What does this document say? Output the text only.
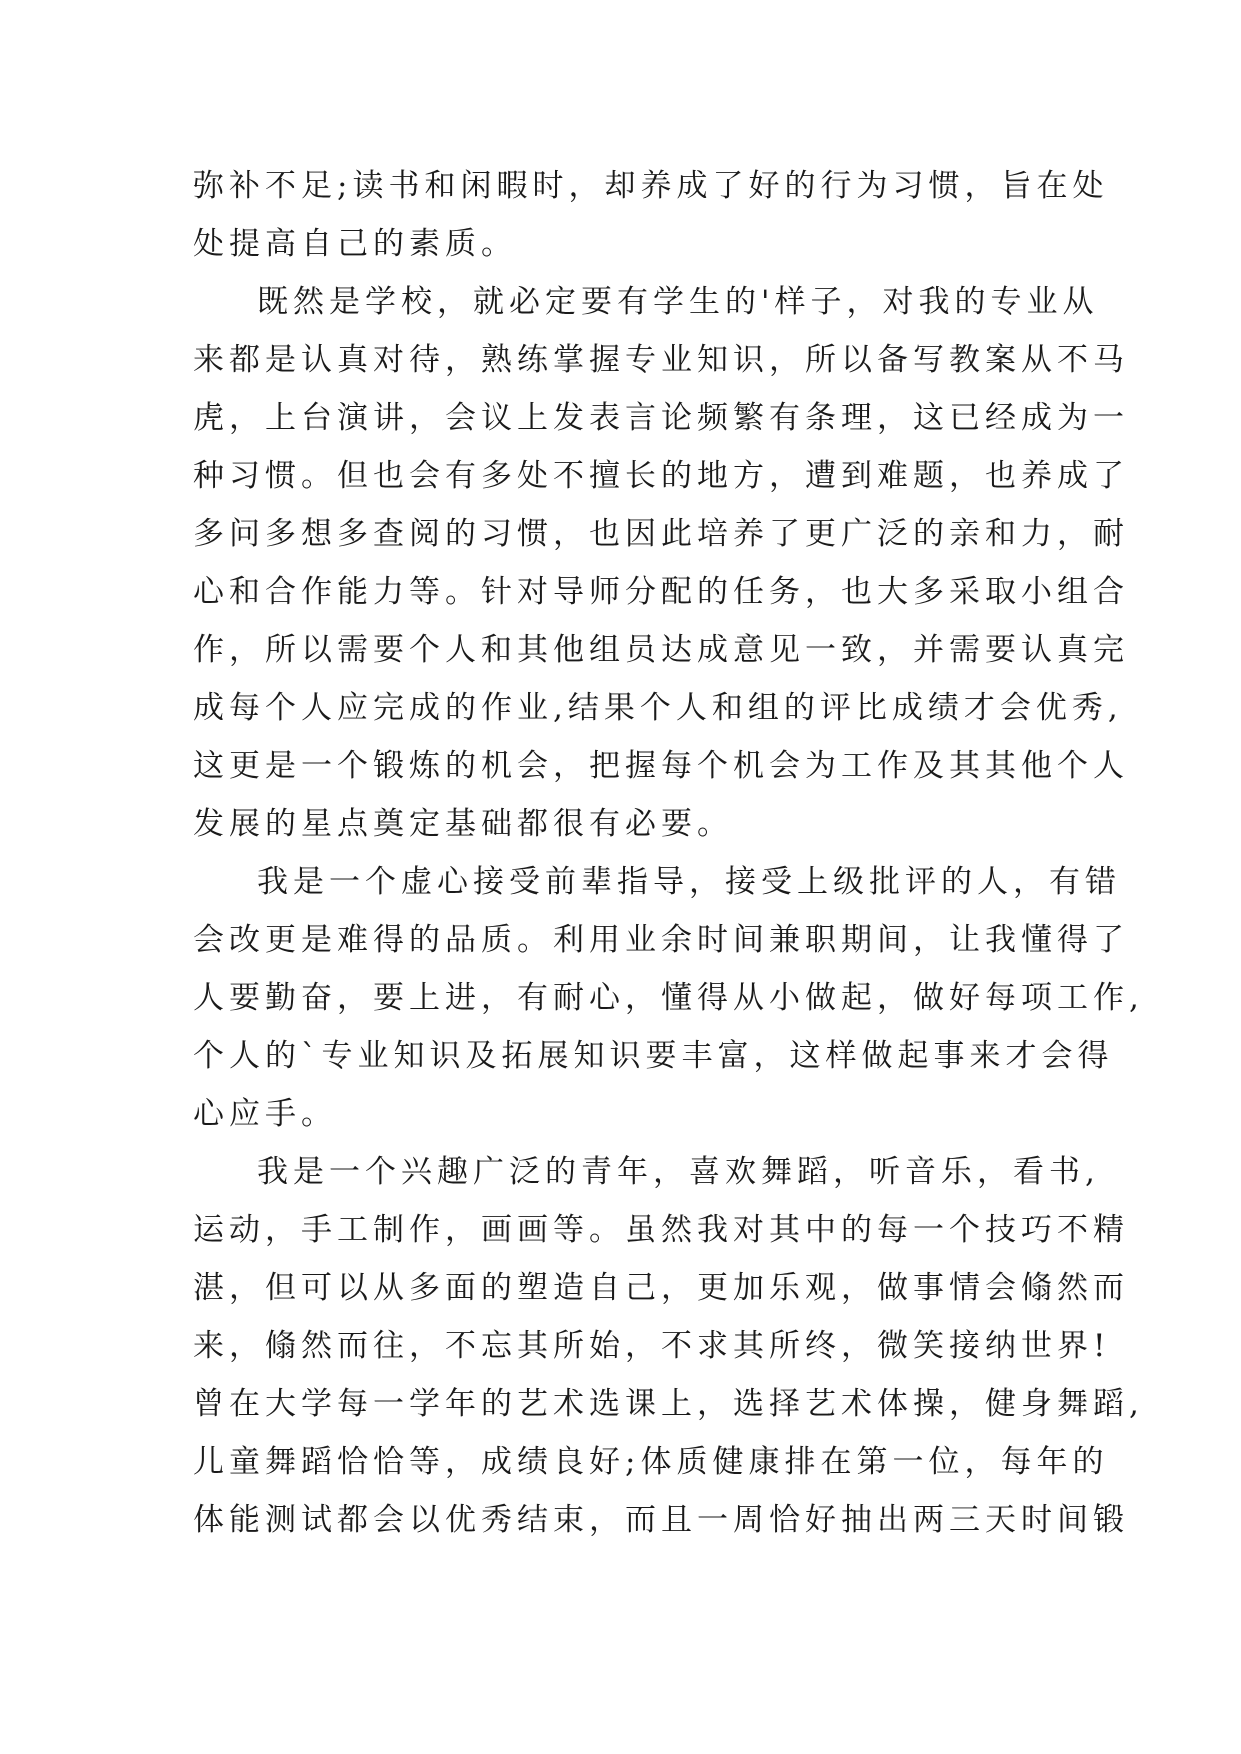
弥补不足;读书和闲暇时，却养成了好的行为习惯，旨在处
处提高自己的素质。
既然是学校，就必定要有学生的'样子，对我的专业从
来都是认真对待，熟练掌握专业知识，所以备写教案从不马
虎，上台演讲，会议上发表言论频繁有条理，这已经成为一
种习惯。但也会有多处不擅长的地方，遭到难题，也养成了
多问多想多查阅的习惯，也因此培养了更广泛的亲和力，耐
心和合作能力等。针对导师分配的任务，也大多采取小组合
作，所以需要个人和其他组员达成意见一致，并需要认真完
成每个人应完成的作业,结果个人和组的评比成绩才会优秀,
这更是一个锻炼的机会，把握每个机会为工作及其其他个人
发展的星点奠定基础都很有必要。
我是一个虚心接受前辈指导，接受上级批评的人，有错
会改更是难得的品质。利用业余时间兼职期间，让我懂得了
人要勤奋，要上进，有耐心，懂得从小做起，做好每项工作,
个人的`专业知识及拓展知识要丰富，这样做起事来才会得
心应手。
我是一个兴趣广泛的青年，喜欢舞蹈，听音乐，看书,
运动，手工制作，画画等。虽然我对其中的每一个技巧不精
湛，但可以从多面的塑造自己，更加乐观，做事情会翛然而
来，翛然而往，不忘其所始，不求其所终，微笑接纳世界!
曾在大学每一学年的艺术选课上，选择艺术体操，健身舞蹈,
儿童舞蹈恰恰等，成绩良好;体质健康排在第一位，每年的
体能测试都会以优秀结束，而且一周恰好抽出两三天时间锻
